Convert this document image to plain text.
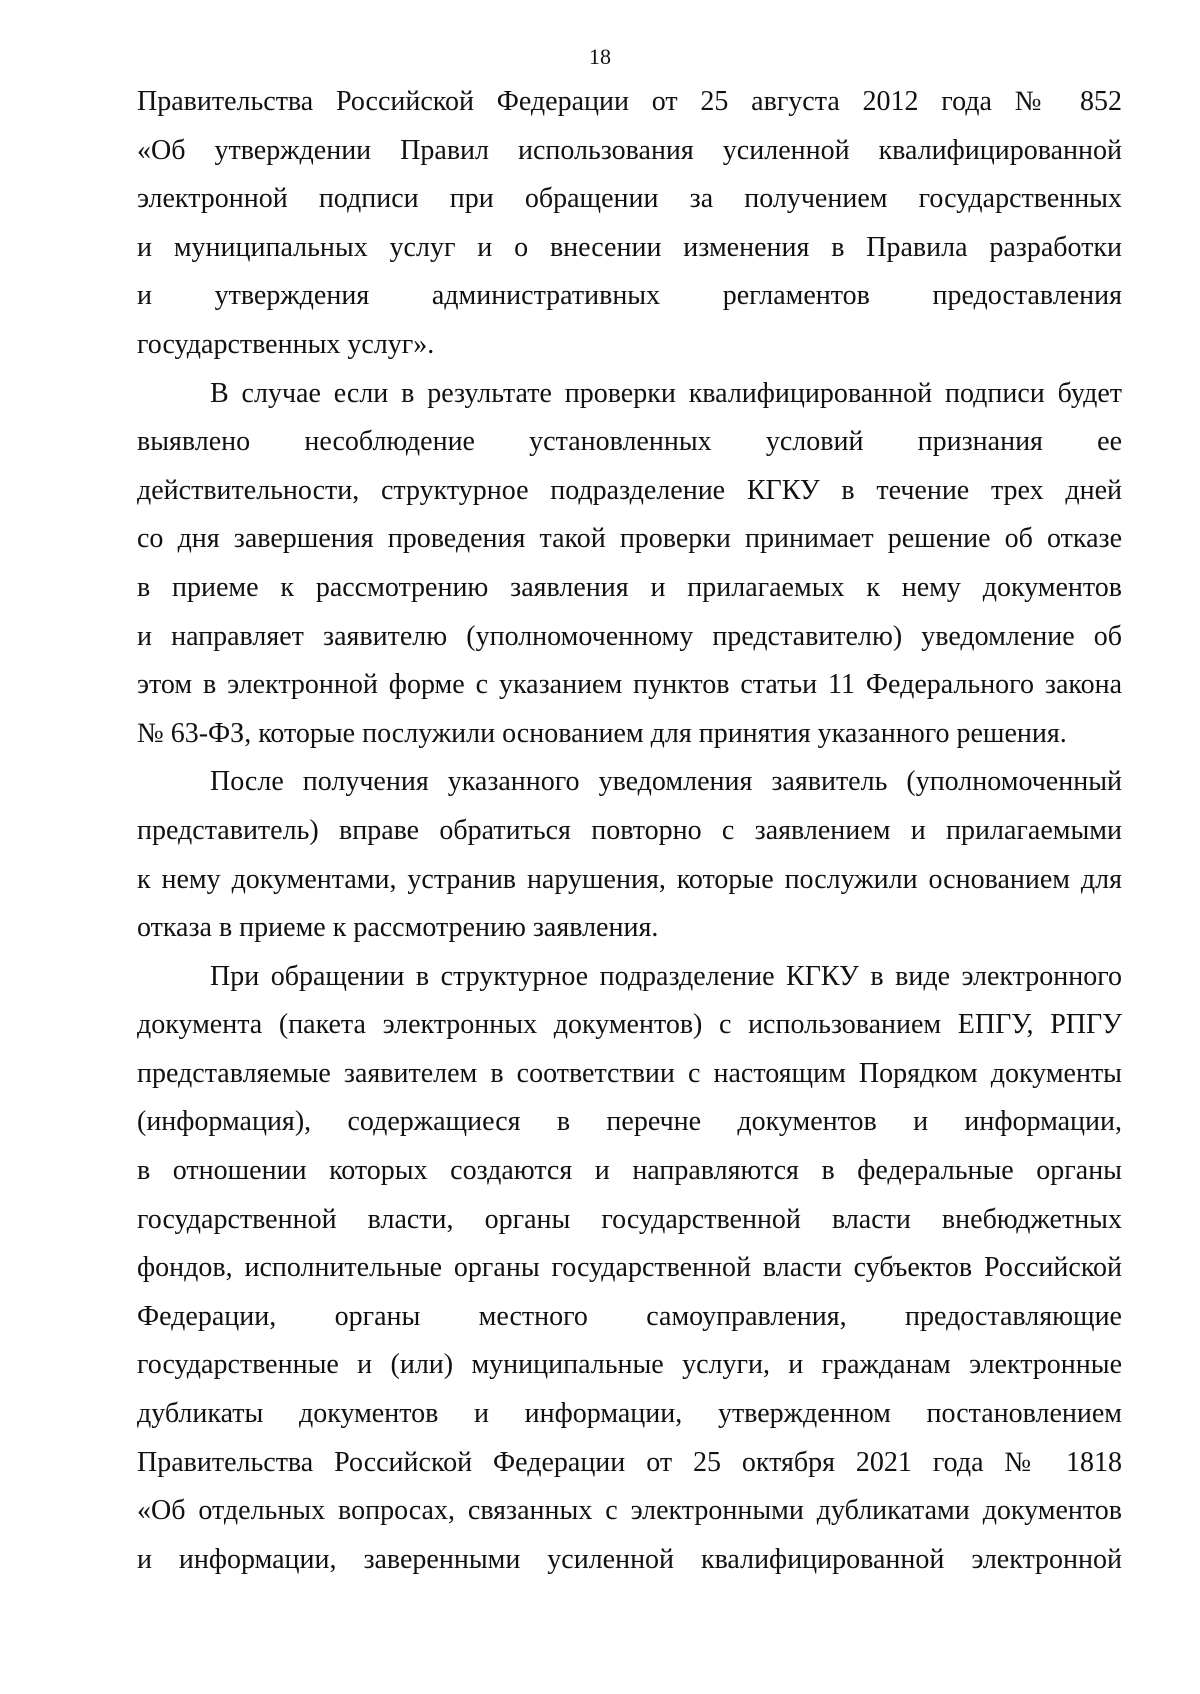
18
Правительства Российской Федерации от 25 августа 2012 года № 852
«Об утверждении Правил использования усиленной квалифицированной
электронной подписи при обращении за получением государственных
и муниципальных услуг и о внесении изменения в Правила разработки
и утверждения административных регламентов предоставления
государственных услуг».
В случае если в результате проверки квалифицированной подписи будет
выявлено несоблюдение установленных условий признания ее
действительности, структурное подразделение КГКУ в течение трех дней
со дня завершения проведения такой проверки принимает решение об отказе
в приеме к рассмотрению заявления и прилагаемых к нему документов
и направляет заявителю (уполномоченному представителю) уведомление об
этом в электронной форме с указанием пунктов статьи 11 Федерального закона
№ 63-ФЗ, которые послужили основанием для принятия указанного решения.
После получения указанного уведомления заявитель (уполномоченный
представитель) вправе обратиться повторно с заявлением и прилагаемыми
к нему документами, устранив нарушения, которые послужили основанием для
отказа в приеме к рассмотрению заявления.
При обращении в структурное подразделение КГКУ в виде электронного
документа (пакета электронных документов) с использованием ЕПГУ, РПГУ
представляемые заявителем в соответствии с настоящим Порядком документы
(информация), содержащиеся в перечне документов и информации,
в отношении которых создаются и направляются в федеральные органы
государственной власти, органы государственной власти внебюджетных
фондов, исполнительные органы государственной власти субъектов Российской
Федерации, органы местного самоуправления, предоставляющие
государственные и (или) муниципальные услуги, и гражданам электронные
дубликаты документов и информации, утвержденном постановлением
Правительства Российской Федерации от 25 октября 2021 года № 1818
«Об отдельных вопросах, связанных с электронными дубликатами документов
и информации, заверенными усиленной квалифицированной электронной
